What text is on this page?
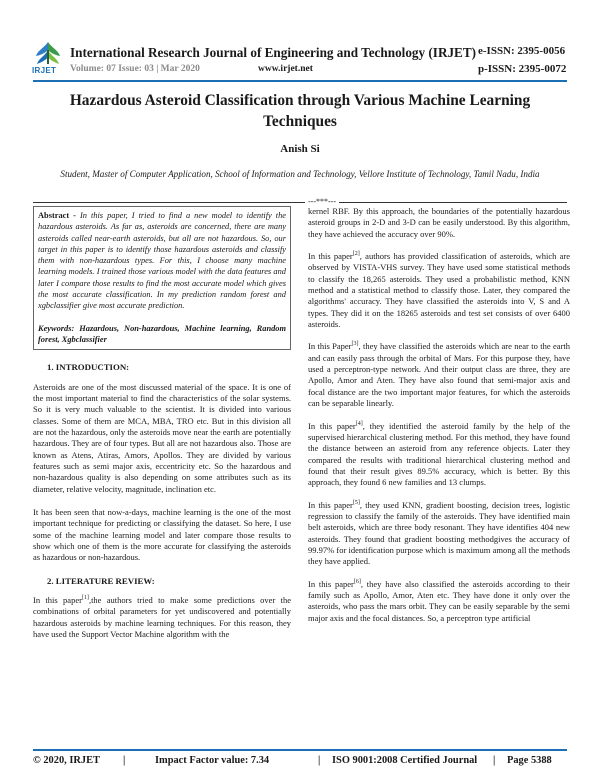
IRJET
International Research Journal of Engineering and Technology (IRJET)
Volume: 07 Issue: 03 | Mar 2020	www.irjet.net
e-ISSN: 2395-0056
p-ISSN: 2395-0072
Hazardous Asteroid Classification through Various Machine Learning Techniques
Anish Si
Student, Master of Computer Application, School of Information and Technology, Vellore Institute of Technology, Tamil Nadu, India
---***---

Abstract - In this paper, I tried to find a new model to identify the hazardous asteroids. As far as, asteroids are concerned, there are many asteroids called near-earth asteroids, but all are not hazardous. So, our target in this paper is to identify those hazardous asteroids and classify them with non-hazardous types. For this, I choose many machine learning models. I trained those various model with the data features and later I compare those results to find the most accurate model which gives the most accurate classification. In my prediction random forest and xgbclassifier give most accurate prediction.

Keywords: Hazardous, Non-hazardous, Machine learning, Random forest, Xgbclassifier

1. INTRODUCTION:

Asteroids are one of the most discussed material of the space. It is one of the most important material to find the characteristics of the solar systems. So it is very much valuable to the scientist. It is divided into various classes. Some of them are MCA, MBA, TRO etc. But in this division all are not the hazardous, only the asteroids move near the earth are potentially hazardous. They are of four types. But all are not hazardous also. Those are known as Atens, Atiras, Amors, Apollos. They are divided by various features such as semi major axis, eccentricity etc. So the hazardous and non-hazardous quality is also depending on some attributes such as its diameter, relative velocity, magnitude, inclination etc.

It has been seen that now-a-days, machine learning is the one of the most important technique for predicting or classifying the dataset. So here, I use some of the machine learning model and later compare those results to show which one of them is the more accurate for classifying the asteroids as hazardous or non-hazardous.

2. LITERATURE REVIEW:

In this paper[1],the authors tried to make some predictions over the combinations of orbital parameters for yet undiscovered and potentially hazardous asteroids by machine learning techniques. For this reason, they have used the Support Vector Machine algorithm with the

kernel RBF. By this approach, the boundaries of the potentially hazardous asteroid groups in 2-D and 3-D can be easily understood. By this algorithm, they have achieved the accuracy over 90%.

In this paper[2], authors has provided classification of asteroids, which are observed by VISTA-VHS survey. They have used some statistical methods to classify the 18,265 asteroids. They used a probabilistic method, KNN method and a statistical method to classify those. Later, they compared the algorithms' accuracy. They have classified the asteroids into V, S and A types. They did it on the 18265 asteroids and test set consists of over 6400 asteroids.

In this Paper[3], they have classified the asteroids which are near to the earth and can easily pass through the orbital of Mars. For this purpose they, have used a perceptron-type network. And their output class are three, they are Apollo, Amor and Aten. They have also found that semi-major axis and focal distance are the two important major features, for which the asteroids can be separable linearly.

In this paper[4], they identified the asteroid family by the help of the supervised hierarchical clustering method. For this method, they have found the distance between an asteroid from any reference objects. Later they compared the results with traditional hierarchical clustering method and found that their result gives 89.5% accuracy, which is better. By this approach, they found 6 new families and 13 clumps.

In this paper[5], they used KNN, gradient boosting, decision trees, logistic regression to classify the family of the asteroids. They have identified main belt asteroids, which are three body resonant. They have identifies 404 new asteroids. They found that gradient boosting methodgives the accuracy of 99.97% for identification purpose which is maximum among all the methods they have applied.

In this paper[6], they have also classified the asteroids according to their family such as Apollo, Amor, Aten etc. They have done it only over the asteroids, who pass the mars orbit. They can be easily separable by the semi major axis and the focal distances. So, a perceptron type artificial

© 2020, IRJET |	Impact Factor value: 7.34	| ISO 9001:2008 Certified Journal | Page 5388
